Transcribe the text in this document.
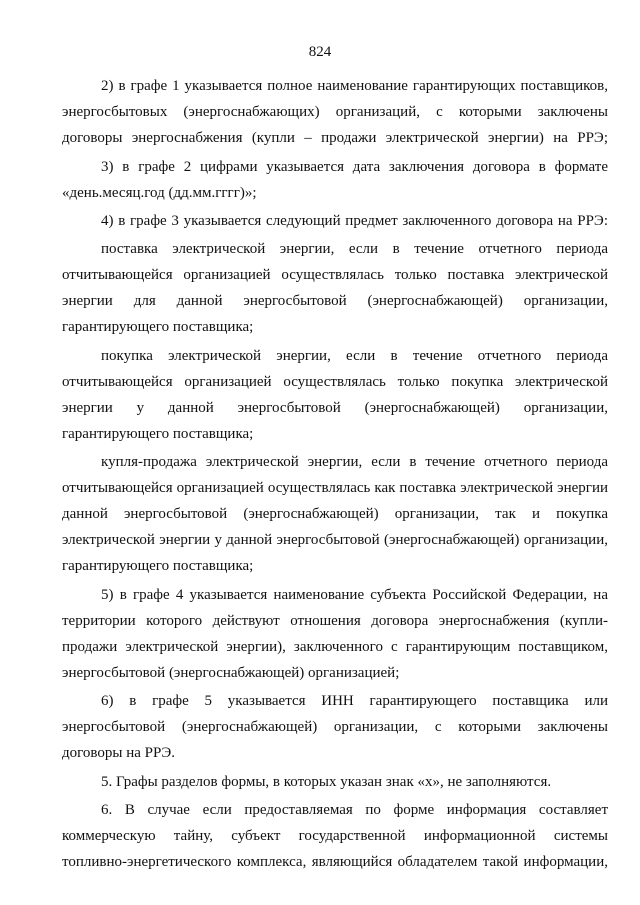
824
2) в графе 1 указывается полное наименование гарантирующих поставщиков,
энергосбытовых (энергоснабжающих) организаций, с которыми заключены
договоры энергоснабжения (купли – продажи электрической энергии) на РРЭ;
3) в графе 2 цифрами указывается дата заключения договора в формате
«день.месяц.год (дд.мм.гггг)»;
4) в графе 3 указывается следующий предмет заключенного договора на РРЭ:
поставка электрической энергии, если в течение отчетного периода
отчитывающейся организацией осуществлялась только поставка электрической
энергии для данной энергосбытовой (энергоснабжающей) организации,
гарантирующего поставщика;
покупка электрической энергии, если в течение отчетного периода
отчитывающейся организацией осуществлялась только покупка электрической
энергии у данной энергосбытовой (энергоснабжающей) организации,
гарантирующего поставщика;
купля-продажа электрической энергии, если в течение отчетного периода
отчитывающейся организацией осуществлялась как поставка электрической энергии
данной энергосбытовой (энергоснабжающей) организации, так и покупка
электрической энергии у данной энергосбытовой (энергоснабжающей) организации,
гарантирующего поставщика;
5) в графе 4 указывается наименование субъекта Российской Федерации, на
территории которого действуют отношения договора энергоснабжения (купли-
продажи электрической энергии), заключенного с гарантирующим поставщиком,
энергосбытовой (энергоснабжающей) организацией;
6) в графе 5 указывается ИНН гарантирующего поставщика или
энергосбытовой (энергоснабжающей) организации, с которыми заключены
договоры на РРЭ.
5. Графы разделов формы, в которых указан знак «х», не заполняются.
6. В случае если предоставляемая по форме информация составляет
коммерческую тайну, субъект государственной информационной системы
топливно-энергетического комплекса, являющийся обладателем такой информации,
